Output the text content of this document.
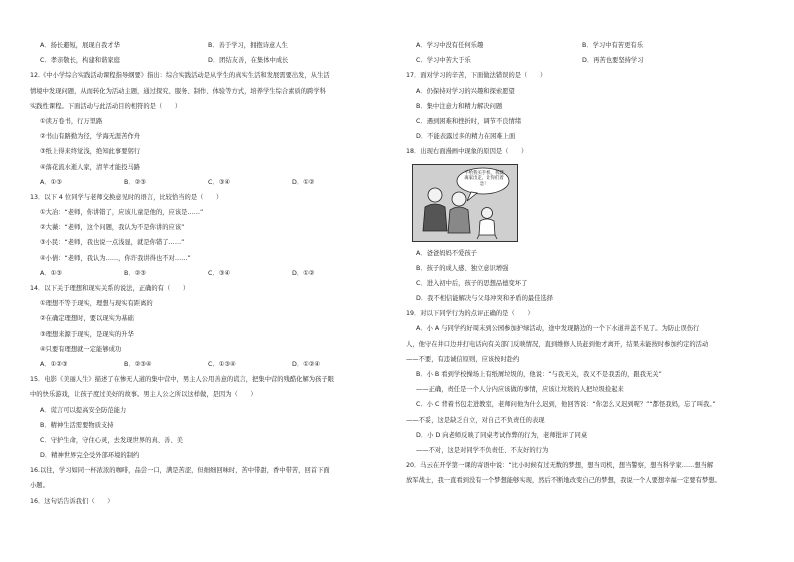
A．扬长避短，展现自我才华	B．善于学习，拥抱诗意人生
C．孝亲敬长，构建和谐家庭	D．团结友善，在集体中成长
12.《中小学综合实践活动课程指导纲要》指出：综合实践活动是从学生的真实生活和发展需要出发，从生活
情境中发现问题，从而转化为活动主题，通过探究、服务、制作、体验等方式，培养学生综合素质的跨学科
实践性课程。下面活动与此活动目的相符的是（　　）
①读万卷书，行万里路
②书山有路勤为径，学海无涯苦作舟
③纸上得来终觉浅，绝知此事要躬行
④落花流水逝人家，清苹才能投马路
A．①③	B．②③	C．③④	D．①②
13．以下 4 位同学与老师交换意见时的语言，比较恰当的是（　　）
①大冶：“老师，你讲错了，应该儿童是他的，应该是……”
②大薇：“老师，这个问题，我认为不是你讲的应该”
③小民：“老师，我也说一点浅显，就是你错了……”
④小倩：“老师，我认为……，你许我讲得也不对……”
A．①③	B．②③	C．③④	D．①②
14．以下关于理想和现实关系的说法，正确的有（　　）
①理想不等于现实，理想与现实有距离的
②在确定理想时，要以现实为基础
③理想来源于现实，是现实的升华
④只要有理想就一定能够成功
A．①②③	B．②③④	C．①③④	D．①②④
15．电影《美丽人生》描述了在惨无人道的集中营中，男主人公用善意的谎言，把集中营的残酷化解为孩子眼
中的快乐游戏，让孩子度过美好的故事。男主人公之所以这样做，是因为（　　）
A．谎言可以提高安全防范能力
B．精神生活需要物质支持
C．守护生命，守住心灵，去发现世界的真、善、美
D．精神世界完全受外部环境的制约
16.以往，学习如同一杯浓浓的咖啡，品尝一口，满是苦涩，但细细回味时，苦中带甜，香中带苦，回首下面
小题。
16．这句话告诉我们（　　）
A．学习中没有任何乐趣	B．学习中有苦更有乐
C．学习中苦大于乐	D．再苦也要坚持学习
17．面对学习的辛苦，下面做法错误的是（　　）
A．仍保持对学习的兴趣和探索愿望
B．集中注意力和精力解决问题
C．遇到困难和挫折时，调节不良情绪
D．不能表露过多的精力在困难上面
18．出现右面漫画中现象的原因是（　　）
不给我买手机，我就离家出走，让你们着急！
A．爸爸妈妈不爱孩子
B．孩子的成人感、独立意识增强
C．进入初中后，孩子的思想品德变坏了
D．我不相信能解决与父母冲突和矛盾的最佳选择
19．对以下同学行为的点评正确的是（　　）
A．小 A 与同学约好周末到公园参加护绿活动，途中发现路边的一个下水道井盖不见了。为防止误伤行
人，他守在井口边并打电话向有关部门反映情况，直到维修人员赶到他才离开，结果未能按时参加约定的活动
——不要，有违诚信原则，应该按时赴约
B．小 B 看到学校操场上有纸屑垃圾的，他说：“与我无关，我又不是我丢的，跟我无关”
——正确，责任是一个人分内应该做的事情，应该让垃圾的人把垃圾捡起来
C．小 C 背着书包走进教室，老师问他为什么迟到，他回答说：“你怎么又迟到呢？”“都怪我妈，忘了叫我。”
——不妥，这是缺乏自立，对自己不负责任的表现
D．小 D 向老师反映了同桌考试作弊的行为，老师批评了同桌
——不对，这是对同学不负责任、不友好的行为
20．马云在开学第一课的寄语中说：“比小时候有过无数的梦想，想当司机，想当警察，想当科学家……想当解
放军战士，我一直看到没有一个梦想能够实现，然后不断地改变自己的梦想，我说一个人要想幸福一定要有梦想。
